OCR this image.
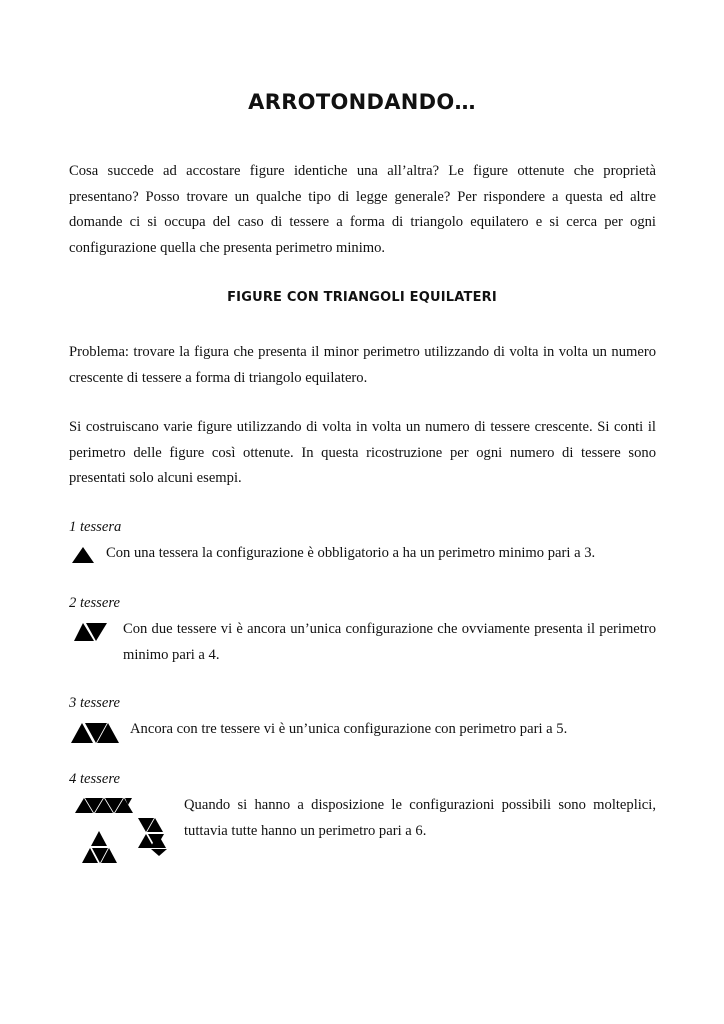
ARROTONDANDO…

Cosa succede ad accostare figure identiche una all’altra? Le figure ottenute che proprietà presentano? Posso trovare un qualche tipo di legge generale? Per rispondere a questa ed altre domande ci si occupa del caso di tessere a forma di triangolo equilatero e si cerca per ogni configurazione quella che presenta perimetro minimo.

FIGURE CON TRIANGOLI EQUILATERI

Problema: trovare la figura che presenta il minor perimetro utilizzando di volta in volta un numero crescente di tessere a forma di triangolo equilatero.

Si costruiscano varie figure utilizzando di volta in volta un numero di tessere crescente. Si conti il perimetro delle figure così ottenute. In questa ricostruzione per ogni numero di tessere sono presentati solo alcuni esempi.

1 tessera

Con una tessera la configurazione è obbligatorio a ha un perimetro minimo pari a 3.

2 tessere

Con due tessere vi è ancora un’unica configurazione che ovviamente presenta il perimetro minimo pari a 4.

3 tessere

Ancora con tre tessere vi è un’unica configurazione con perimetro pari a 5.

4 tessere

Quando si hanno a disposizione le configurazioni possibili sono molteplici, tuttavia tutte hanno un perimetro pari a 6.
